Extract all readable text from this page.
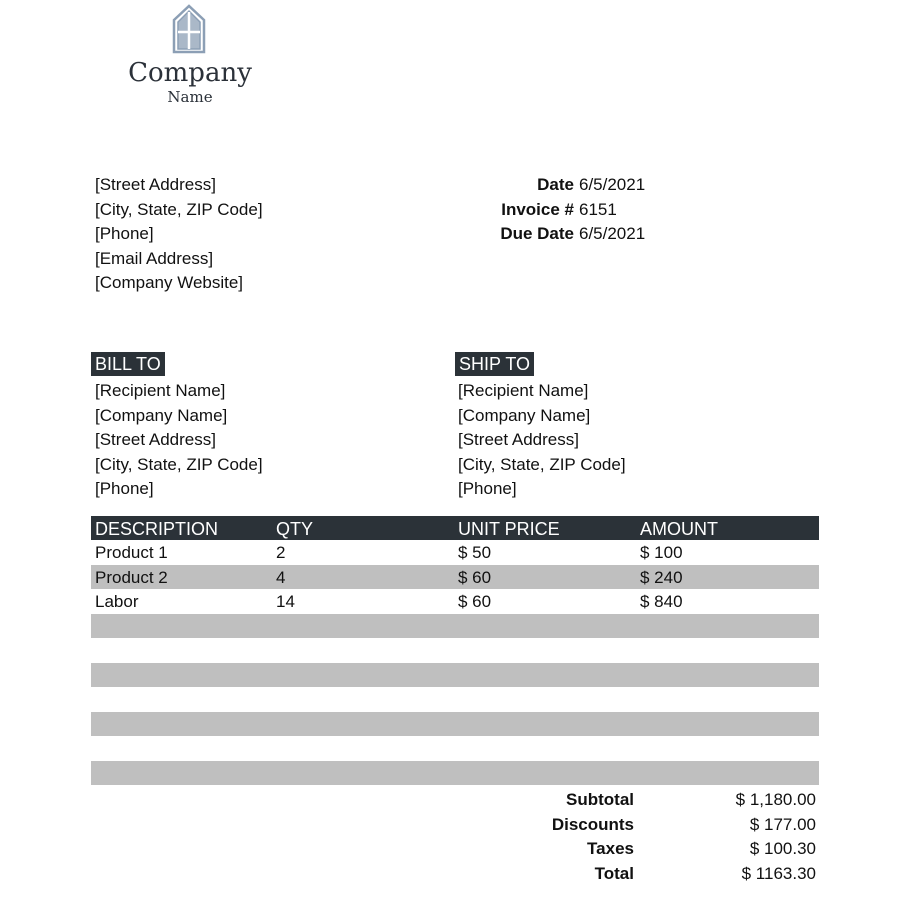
Company
Name
[Street Address]
[City, State, ZIP Code]
[Phone]
[Email Address]
[Company Website]
Date 6/5/2021
Invoice # 6151
Due Date 6/5/2021
BILL TO	SHIP TO
[Recipient Name]
[Company Name]
[Street Address]
[City, State, ZIP Code]
[Phone]
[Recipient Name]
[Company Name]
[Street Address]
[City, State, ZIP Code]
[Phone]
DESCRIPTION	QTY	UNIT PRICE	AMOUNT
Product 1	2	$ 50	$ 100
Product 2	4	$ 60	$ 240
Labor	14	$ 60	$ 840
Subtotal	$ 1,180.00
Discounts	$ 177.00
Taxes	$ 100.30
Total	$ 1163.30
